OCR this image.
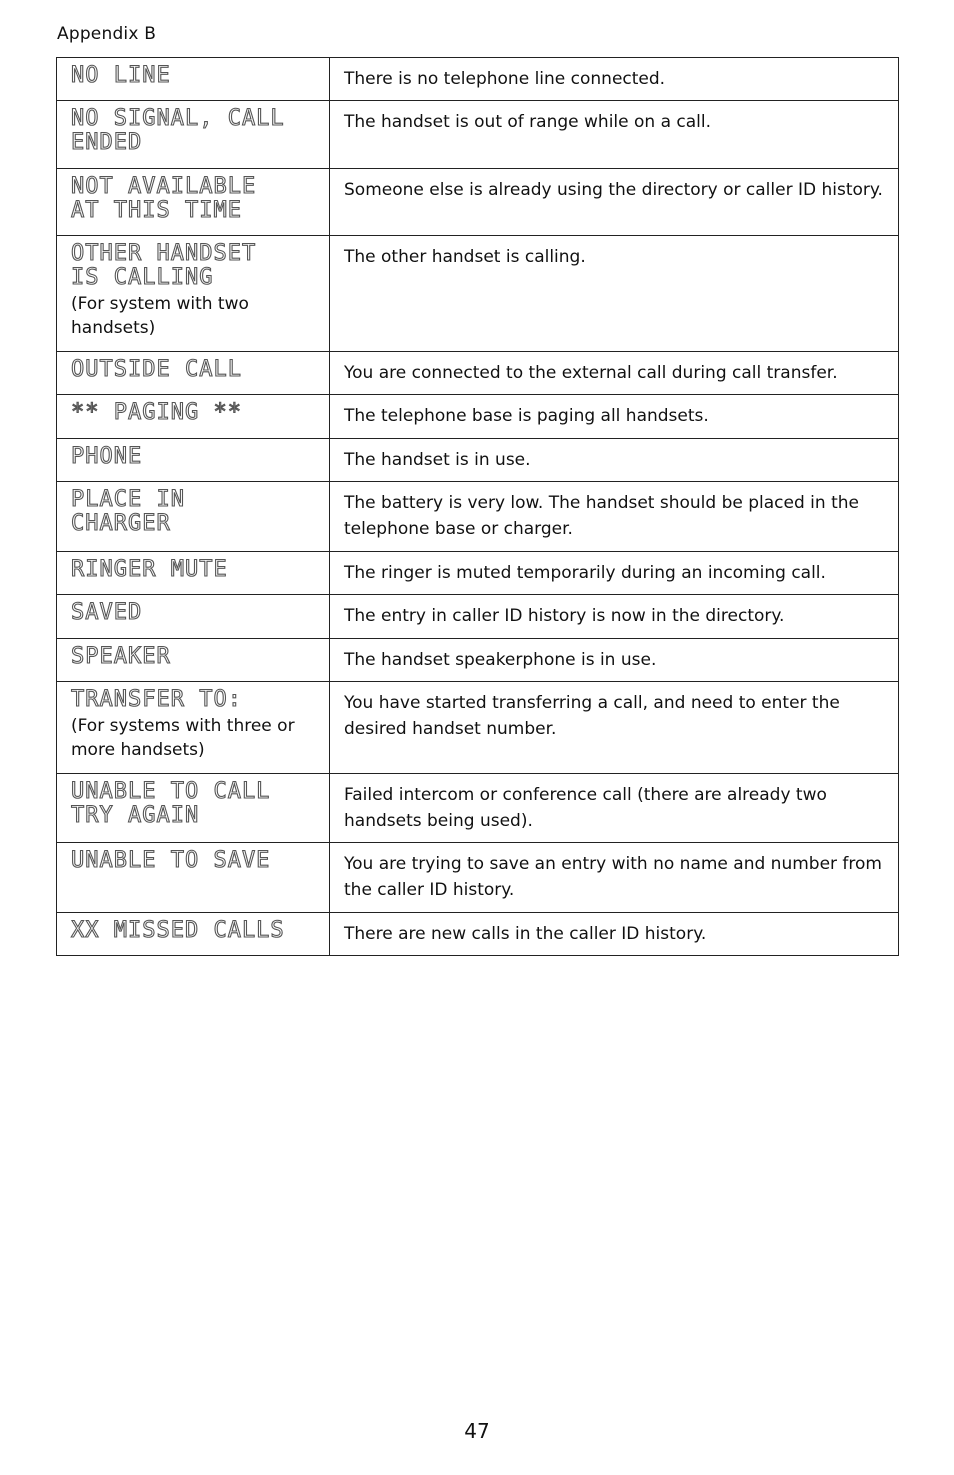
Appendix B
NO LINE	There is no telephone line connected.

NO SIGNAL, CALL
ENDED	The handset is out of range while on a call.

NOT AVAILABLE
AT THIS TIME	Someone else is already using the directory or caller ID history.

OTHER HANDSET
IS CALLING
(For system with two handsets)	The other handset is calling.

OUTSIDE CALL	You are connected to the external call during call transfer.

** PAGING **	The telephone base is paging all handsets.

PHONE	The handset is in use.

PLACE IN
CHARGER	The battery is very low. The handset should be placed in the telephone base or charger.

RINGER MUTE	The ringer is muted temporarily during an incoming call.

SAVED	The entry in caller ID history is now in the directory.

SPEAKER	The handset speakerphone is in use.

TRANSFER TO:
(For systems with three or more handsets)	You have started transferring a call, and need to enter the desired handset number.

UNABLE TO CALL
TRY AGAIN	Failed intercom or conference call (there are already two handsets being used).

UNABLE TO SAVE	You are trying to save an entry with no name and number from the caller ID history.

XX MISSED CALLS	There are new calls in the caller ID history.
47
